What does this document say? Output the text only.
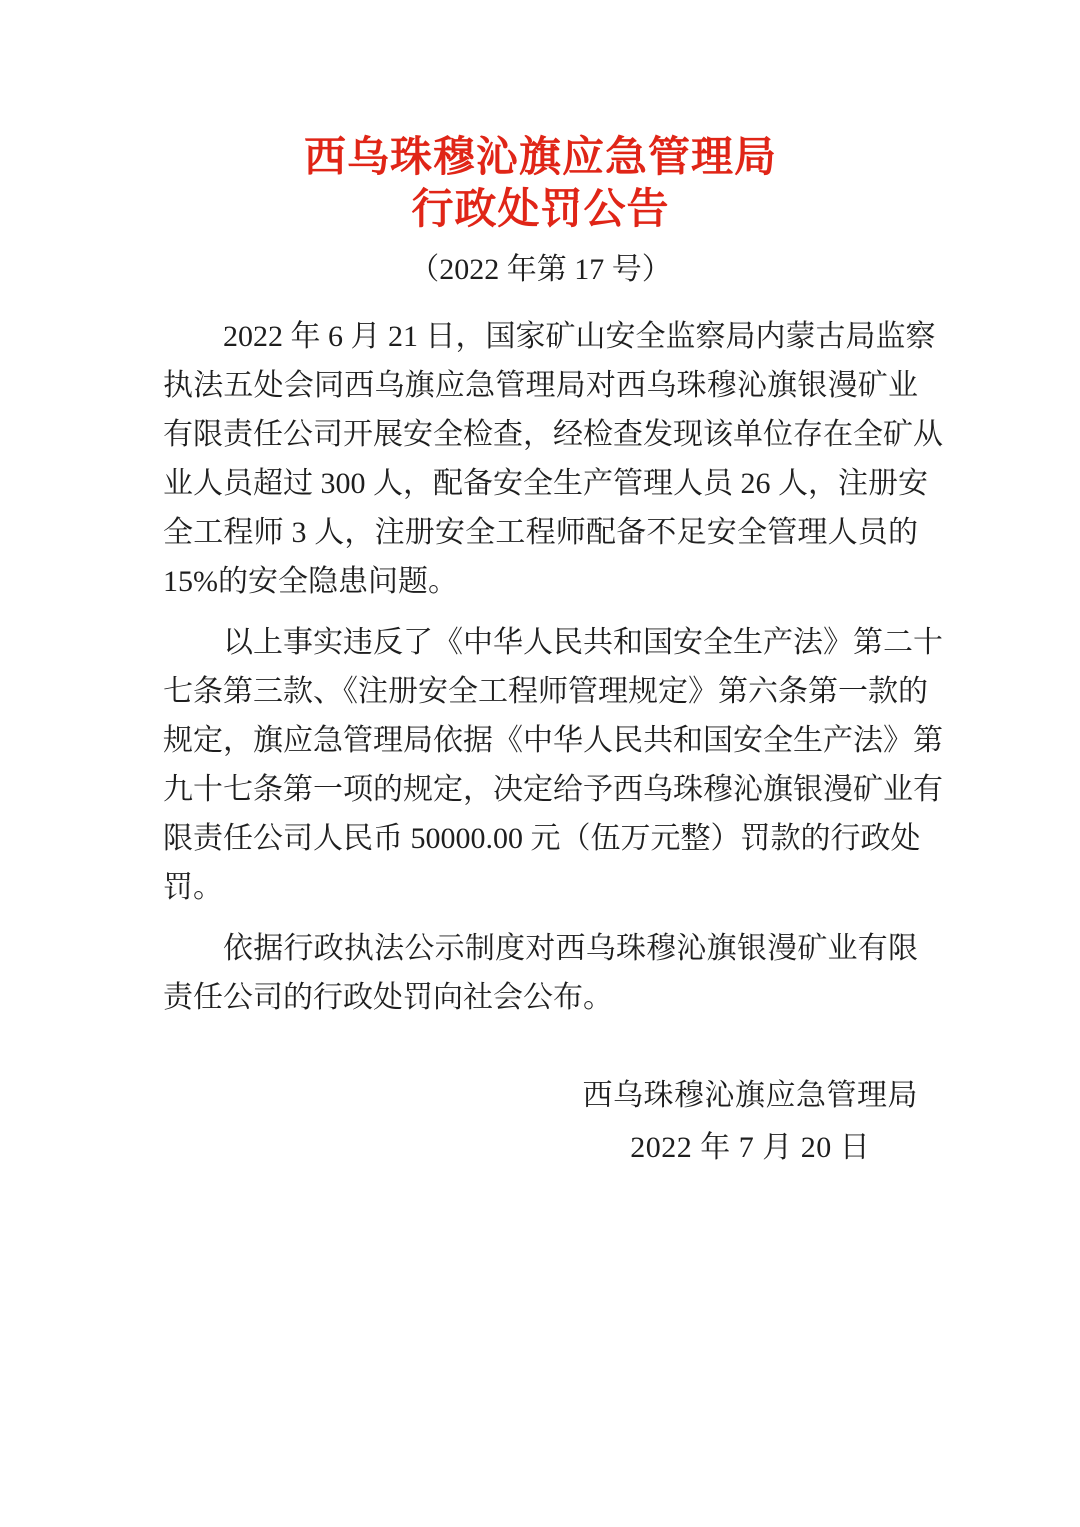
西乌珠穆沁旗应急管理局
行政处罚公告
（2022 年第 17 号）
2022 年 6 月 21 日，国家矿山安全监察局内蒙古局监察
执法五处会同西乌旗应急管理局对西乌珠穆沁旗银漫矿业
有限责任公司开展安全检查，经检查发现该单位存在全矿从
业人员超过 300 人，配备安全生产管理人员 26 人，注册安
全工程师 3 人，注册安全工程师配备不足安全管理人员的
15%的安全隐患问题。
以上事实违反了《中华人民共和国安全生产法》第二十
七条第三款、《注册安全工程师管理规定》第六条第一款的
规定，旗应急管理局依据《中华人民共和国安全生产法》第
九十七条第一项的规定，决定给予西乌珠穆沁旗银漫矿业有
限责任公司人民币 50000.00 元（伍万元整）罚款的行政处
罚。
依据行政执法公示制度对西乌珠穆沁旗银漫矿业有限
责任公司的行政处罚向社会公布。
西乌珠穆沁旗应急管理局
2022 年 7 月 20 日
